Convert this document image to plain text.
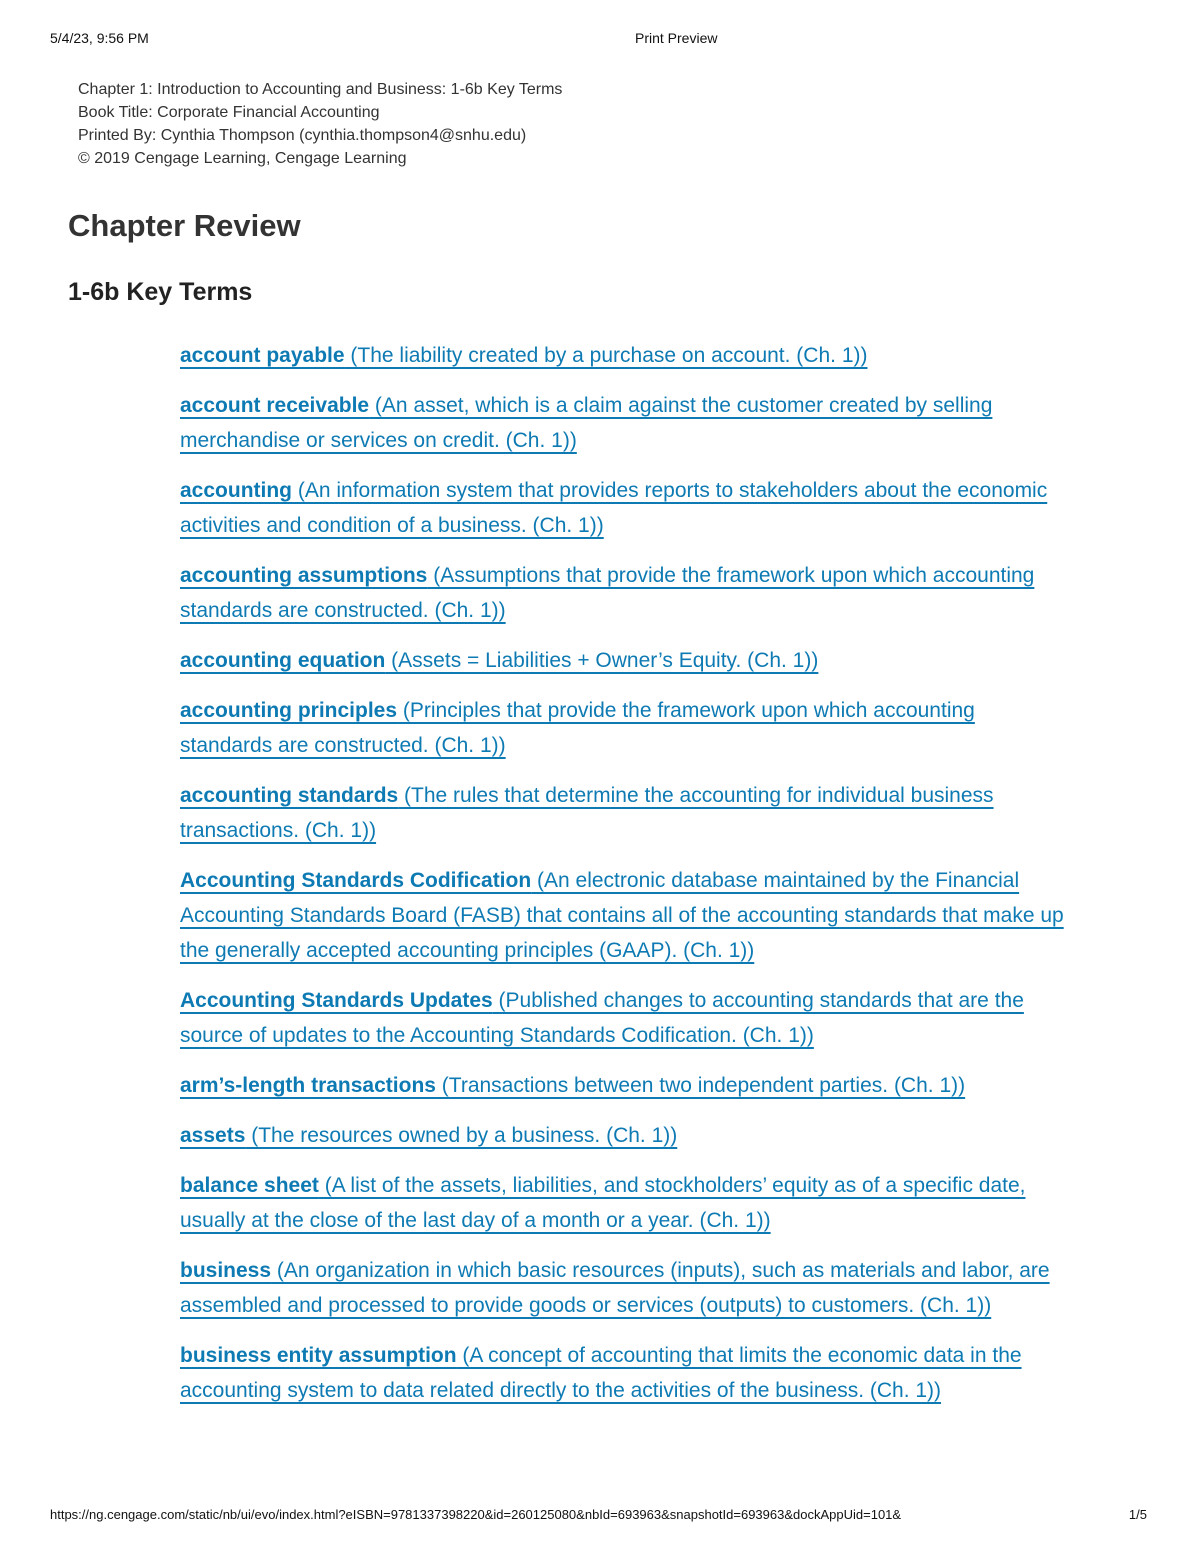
5/4/23, 9:56 PM	Print Preview
Chapter 1: Introduction to Accounting and Business: 1-6b Key Terms
Book Title: Corporate Financial Accounting
Printed By: Cynthia Thompson (cynthia.thompson4@snhu.edu)
© 2019 Cengage Learning, Cengage Learning
Chapter Review
1-6b Key Terms
account payable (The liability created by a purchase on account. (Ch. 1))
account receivable (An asset, which is a claim against the customer created by selling merchandise or services on credit. (Ch. 1))
accounting (An information system that provides reports to stakeholders about the economic activities and condition of a business. (Ch. 1))
accounting assumptions (Assumptions that provide the framework upon which accounting standards are constructed. (Ch. 1))
accounting equation (Assets = Liabilities + Owner’s Equity. (Ch. 1))
accounting principles (Principles that provide the framework upon which accounting standards are constructed. (Ch. 1))
accounting standards (The rules that determine the accounting for individual business transactions. (Ch. 1))
Accounting Standards Codification (An electronic database maintained by the Financial Accounting Standards Board (FASB) that contains all of the accounting standards that make up the generally accepted accounting principles (GAAP). (Ch. 1))
Accounting Standards Updates (Published changes to accounting standards that are the source of updates to the Accounting Standards Codification. (Ch. 1))
arm’s-length transactions (Transactions between two independent parties. (Ch. 1))
assets (The resources owned by a business. (Ch. 1))
balance sheet (A list of the assets, liabilities, and stockholders’ equity as of a specific date, usually at the close of the last day of a month or a year. (Ch. 1))
business (An organization in which basic resources (inputs), such as materials and labor, are assembled and processed to provide goods or services (outputs) to customers. (Ch. 1))
business entity assumption (A concept of accounting that limits the economic data in the accounting system to data related directly to the activities of the business. (Ch. 1))
https://ng.cengage.com/static/nb/ui/evo/index.html?eISBN=9781337398220&id=260125080&nbId=693963&snapshotId=693963&dockAppUid=101&	1/5
